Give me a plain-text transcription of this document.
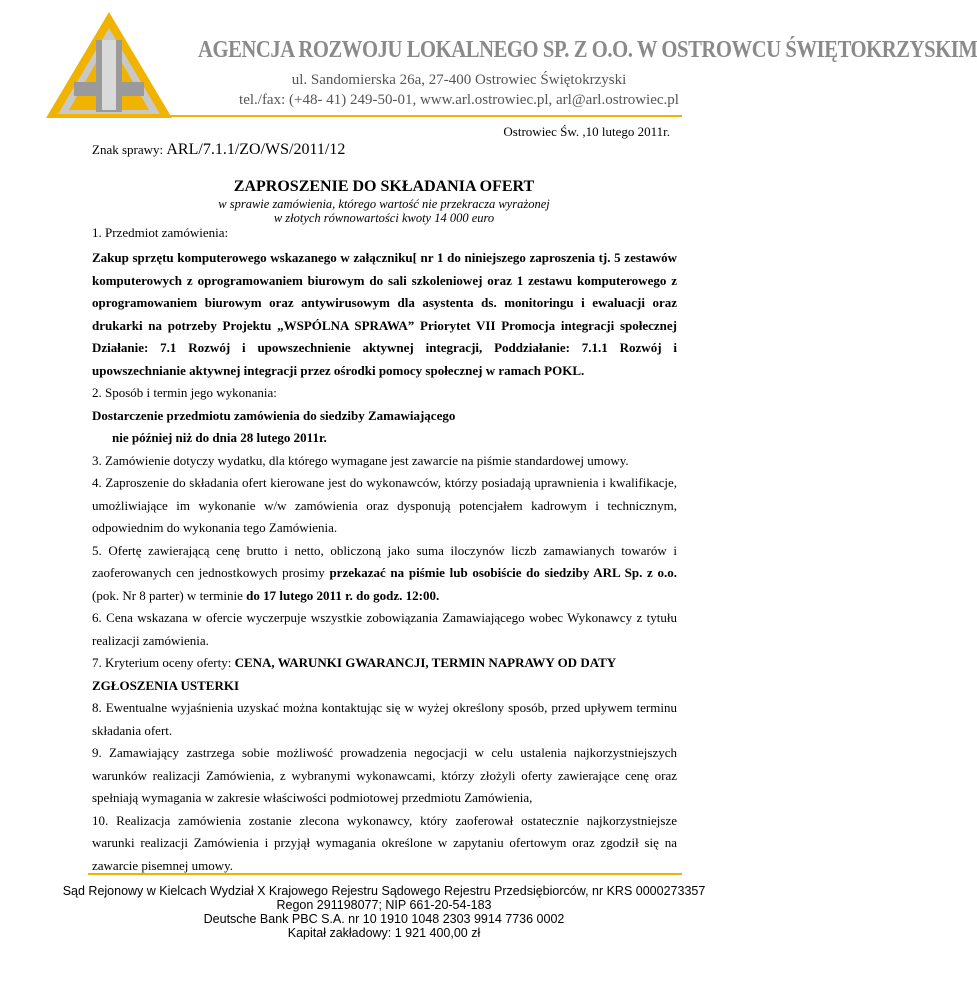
AGENCJA ROZWOJU LOKALNEGO SP. Z O.O. W OSTROWCU ŚWIĘTOKRZYSKIM
ul. Sandomierska 26a, 27-400 Ostrowiec Świętokrzyski
tel./fax: (+48- 41) 249-50-01, www.arl.ostrowiec.pl, arl@arl.ostrowiec.pl
Ostrowiec Św. ,10 lutego 2011r.
Znak sprawy: ARL/7.1.1/ZO/WS/2011/12
ZAPROSZENIE DO SKŁADANIA OFERT
w sprawie zamówienia, którego wartość nie przekracza wyrażonej
w złotych równowartości kwoty 14 000 euro

1. Przedmiot zamówienia:

Zakup sprzętu komputerowego wskazanego w załączniku[ nr 1 do niniejszego zaproszenia tj. 5 zestawów komputerowych z oprogramowaniem biurowym do sali szkoleniowej oraz 1 zestawu komputerowego z oprogramowaniem biurowym oraz antywirusowym dla asystenta ds. monitoringu i ewaluacji oraz drukarki na potrzeby Projektu „WSPÓLNA SPRAWA” Priorytet VII Promocja integracji społecznej Działanie: 7.1 Rozwój i upowszechnienie aktywnej integracji, Poddziałanie: 7.1.1 Rozwój i upowszechnianie aktywnej integracji przez ośrodki pomocy społecznej w ramach POKL.

2. Sposób i termin jego wykonania:

Dostarczenie przedmiotu zamówienia do siedziby Zamawiającego

nie później niż do dnia 28 lutego 2011r.

3. Zamówienie dotyczy wydatku, dla którego wymagane jest zawarcie na piśmie standardowej umowy.

4. Zaproszenie do składania ofert kierowane jest do wykonawców, którzy posiadają uprawnienia i kwalifikacje, umożliwiające im wykonanie w/w zamówienia oraz dysponują potencjałem kadrowym i technicznym, odpowiednim do wykonania tego Zamówienia.

5. Ofertę zawierającą cenę brutto i netto, obliczoną jako suma iloczynów liczb zamawianych towarów i zaoferowanych cen jednostkowych prosimy przekazać na piśmie lub osobiście do siedziby ARL Sp. z o.o. (pok. Nr 8 parter) w terminie do 17 lutego 2011 r. do godz. 12:00.

6. Cena wskazana w ofercie wyczerpuje wszystkie zobowiązania Zamawiającego wobec Wykonawcy z tytułu realizacji zamówienia.

7. Kryterium oceny oferty: CENA, WARUNKI GWARANCJI, TERMIN NAPRAWY OD DATY ZGŁOSZENIA USTERKI

8. Ewentualne wyjaśnienia uzyskać można kontaktując się w wyżej określony sposób, przed upływem terminu składania ofert.

9. Zamawiający zastrzega sobie możliwość prowadzenia negocjacji w celu ustalenia najkorzystniejszych warunków realizacji Zamówienia, z wybranymi wykonawcami, którzy złożyli oferty zawierające cenę oraz spełniają wymagania w zakresie właściwości podmiotowej przedmiotu Zamówienia,

10. Realizacja zamówienia zostanie zlecona wykonawcy, który zaoferował ostatecznie najkorzystniejsze warunki realizacji Zamówienia i przyjął wymagania określone w zapytaniu ofertowym oraz zgodził się na zawarcie pisemnej umowy.

Sąd Rejonowy w Kielcach Wydział X Krajowego Rejestru Sądowego Rejestru Przedsiębiorców, nr KRS 0000273357
Regon 291198077; NIP 661-20-54-183
Deutsche Bank PBC S.A. nr 10 1910 1048 2303 9914 7736 0002
Kapitał zakładowy: 1 921 400,00 zł
